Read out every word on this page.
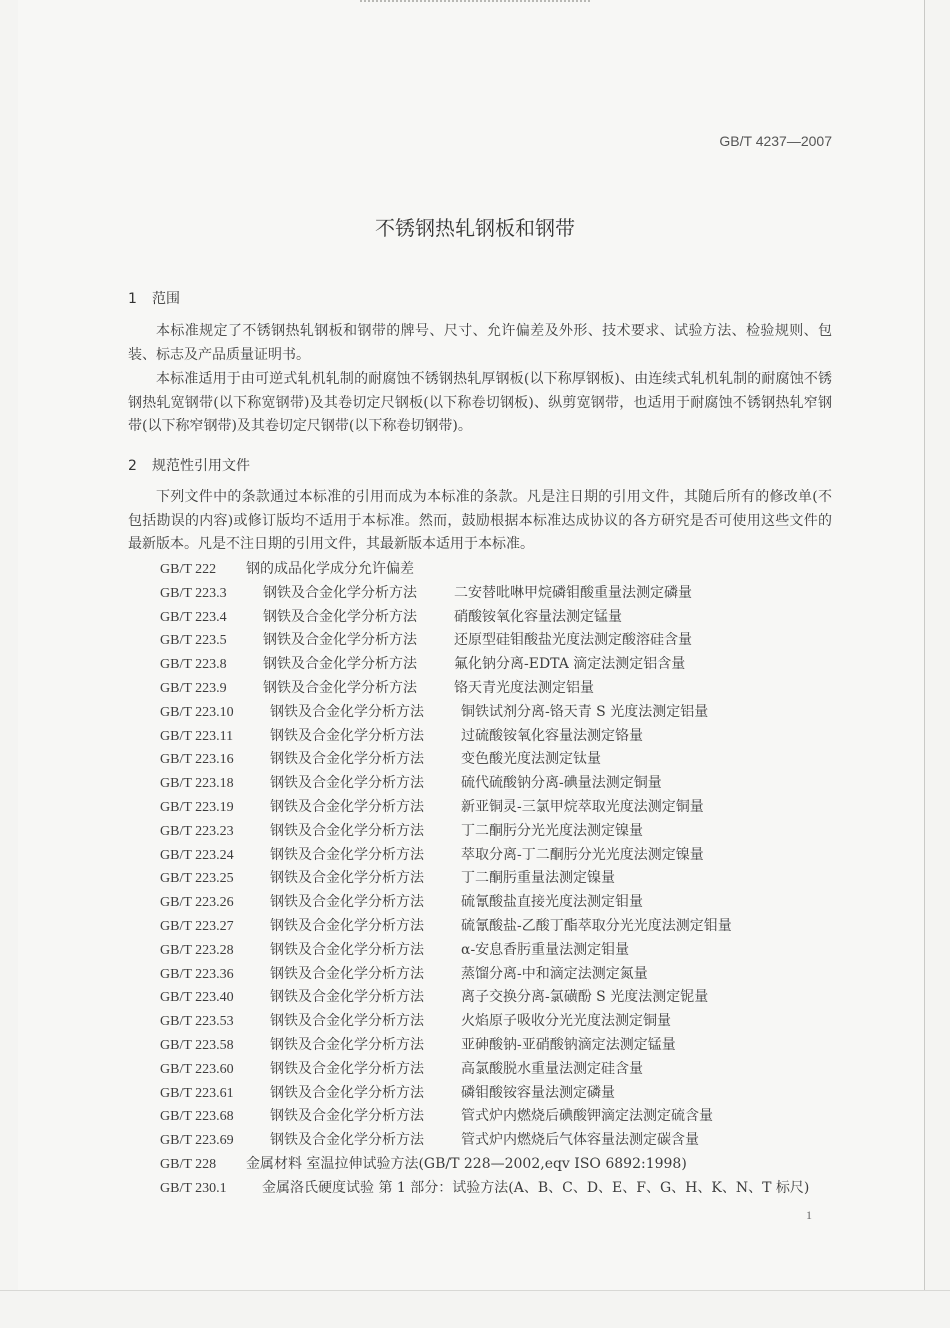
GB/T 4237—2007
不锈钢热轧钢板和钢带
1 范围
本标准规定了不锈钢热轧钢板和钢带的牌号、尺寸、允许偏差及外形、技术要求、试验方法、检验规则、包装、标志及产品质量证明书。
本标准适用于由可逆式轧机轧制的耐腐蚀不锈钢热轧厚钢板(以下称厚钢板)、由连续式轧机轧制的耐腐蚀不锈钢热轧宽钢带(以下称宽钢带)及其卷切定尺钢板(以下称卷切钢板)、纵剪宽钢带，也适用于耐腐蚀不锈钢热轧窄钢带(以下称窄钢带)及其卷切定尺钢带(以下称卷切钢带)。
2 规范性引用文件
下列文件中的条款通过本标准的引用而成为本标准的条款。凡是注日期的引用文件，其随后所有的修改单(不包括勘误的内容)或修订版均不适用于本标准。然而，鼓励根据本标准达成协议的各方研究是否可使用这些文件的最新版本。凡是不注日期的引用文件，其最新版本适用于本标准。
GB/T 222 钢的成品化学成分允许偏差
GB/T 223.3	钢铁及合金化学分析方法	二安替吡啉甲烷磷钼酸重量法测定磷量
GB/T 223.4	钢铁及合金化学分析方法	硝酸铵氧化容量法测定锰量
GB/T 223.5	钢铁及合金化学分析方法	还原型硅钼酸盐光度法测定酸溶硅含量
GB/T 223.8	钢铁及合金化学分析方法	氟化钠分离-EDTA 滴定法测定铝含量
GB/T 223.9	钢铁及合金化学分析方法	铬天青光度法测定铝量
GB/T 223.10	钢铁及合金化学分析方法	铜铁试剂分离-铬天青 S 光度法测定铝量
GB/T 223.11	钢铁及合金化学分析方法	过硫酸铵氧化容量法测定铬量
GB/T 223.16	钢铁及合金化学分析方法	变色酸光度法测定钛量
GB/T 223.18	钢铁及合金化学分析方法	硫代硫酸钠分离-碘量法测定铜量
GB/T 223.19	钢铁及合金化学分析方法	新亚铜灵-三氯甲烷萃取光度法测定铜量
GB/T 223.23	钢铁及合金化学分析方法	丁二酮肟分光光度法测定镍量
GB/T 223.24	钢铁及合金化学分析方法	萃取分离-丁二酮肟分光光度法测定镍量
GB/T 223.25	钢铁及合金化学分析方法	丁二酮肟重量法测定镍量
GB/T 223.26	钢铁及合金化学分析方法	硫氰酸盐直接光度法测定钼量
GB/T 223.27	钢铁及合金化学分析方法	硫氰酸盐-乙酸丁酯萃取分光光度法测定钼量
GB/T 223.28	钢铁及合金化学分析方法	α-安息香肟重量法测定钼量
GB/T 223.36	钢铁及合金化学分析方法	蒸馏分离-中和滴定法测定氮量
GB/T 223.40	钢铁及合金化学分析方法	离子交换分离-氯磺酚 S 光度法测定铌量
GB/T 223.53	钢铁及合金化学分析方法	火焰原子吸收分光光度法测定铜量
GB/T 223.58	钢铁及合金化学分析方法	亚砷酸钠-亚硝酸钠滴定法测定锰量
GB/T 223.60	钢铁及合金化学分析方法	高氯酸脱水重量法测定硅含量
GB/T 223.61	钢铁及合金化学分析方法	磷钼酸铵容量法测定磷量
GB/T 223.68	钢铁及合金化学分析方法	管式炉内燃烧后碘酸钾滴定法测定硫含量
GB/T 223.69	钢铁及合金化学分析方法	管式炉内燃烧后气体容量法测定碳含量
GB/T 228 金属材料 室温拉伸试验方法(GB/T 228—2002,eqv ISO 6892:1998)
GB/T 230.1	金属洛氏硬度试验 第 1 部分：试验方法(A、B、C、D、E、F、G、H、K、N、T 标尺)
1
